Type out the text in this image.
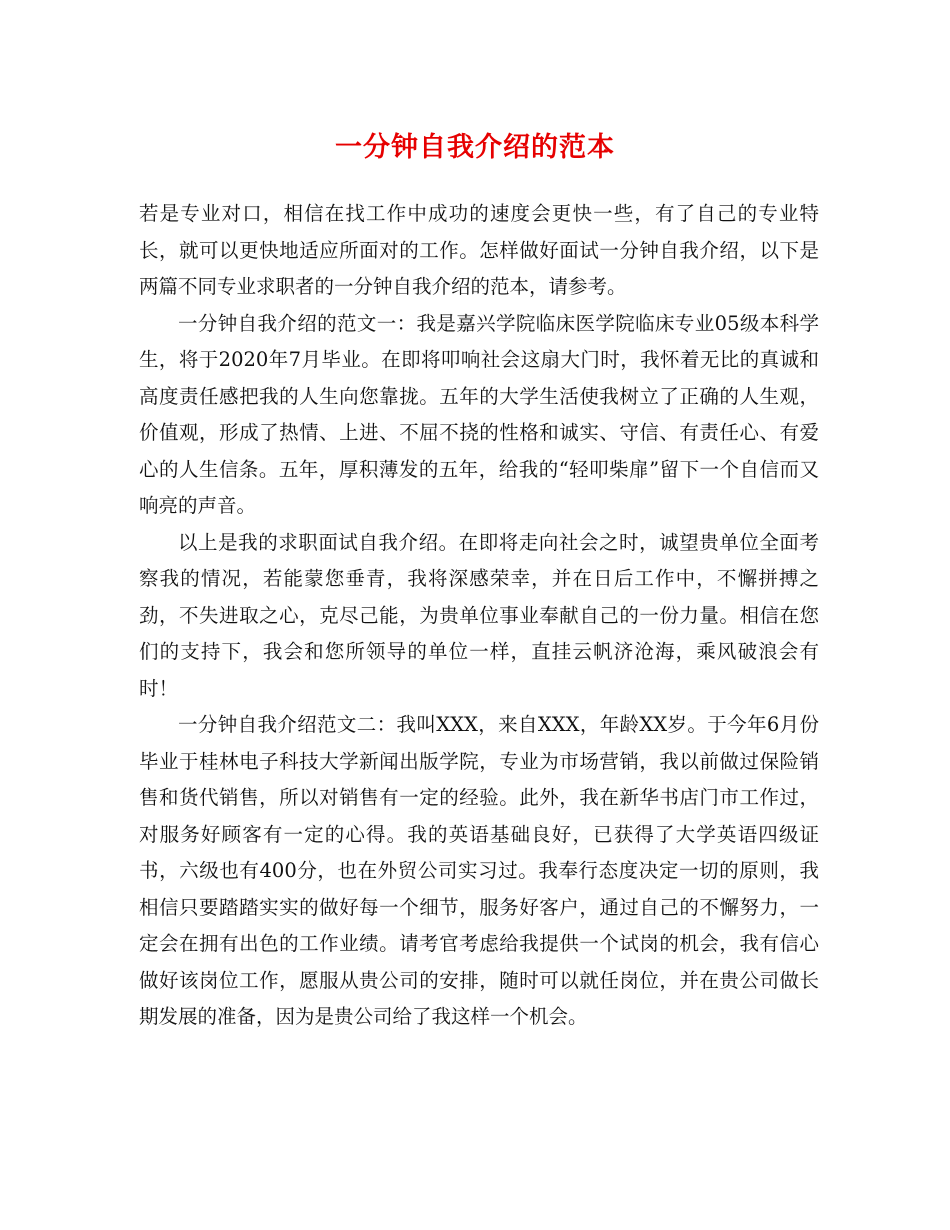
一分钟自我介绍的范本

若是专业对口，相信在找工作中成功的速度会更快一些，有了自己的专业特长，就可以更快地适应所面对的工作。怎样做好面试一分钟自我介绍，以下是两篇不同专业求职者的一分钟自我介绍的范本，请参考。

一分钟自我介绍的范文一：我是嘉兴学院临床医学院临床专业05级本科学生，将于2020年7月毕业。在即将叩响社会这扇大门时，我怀着无比的真诚和高度责任感把我的人生向您靠拢。五年的大学生活使我树立了正确的人生观，价值观，形成了热情、上进、不屈不挠的性格和诚实、守信、有责任心、有爱心的人生信条。五年，厚积薄发的五年，给我的“轻叩柴扉”留下一个自信而又响亮的声音。

以上是我的求职面试自我介绍。在即将走向社会之时，诚望贵单位全面考察我的情况，若能蒙您垂青，我将深感荣幸，并在日后工作中，不懈拼搏之劲，不失进取之心，克尽己能，为贵单位事业奉献自己的一份力量。相信在您们的支持下，我会和您所领导的单位一样，直挂云帆济沧海，乘风破浪会有时！

一分钟自我介绍范文二：我叫XXX，来自XXX，年龄XX岁。于今年6月份毕业于桂林电子科技大学新闻出版学院，专业为市场营销，我以前做过保险销售和货代销售，所以对销售有一定的经验。此外，我在新华书店门市工作过，对服务好顾客有一定的心得。我的英语基础良好，已获得了大学英语四级证书，六级也有400分，也在外贸公司实习过。我奉行态度决定一切的原则，我相信只要踏踏实实的做好每一个细节，服务好客户，通过自己的不懈努力，一定会在拥有出色的工作业绩。请考官考虑给我提供一个试岗的机会，我有信心做好该岗位工作，愿服从贵公司的安排，随时可以就任岗位，并在贵公司做长期发展的准备，因为是贵公司给了我这样一个机会。
